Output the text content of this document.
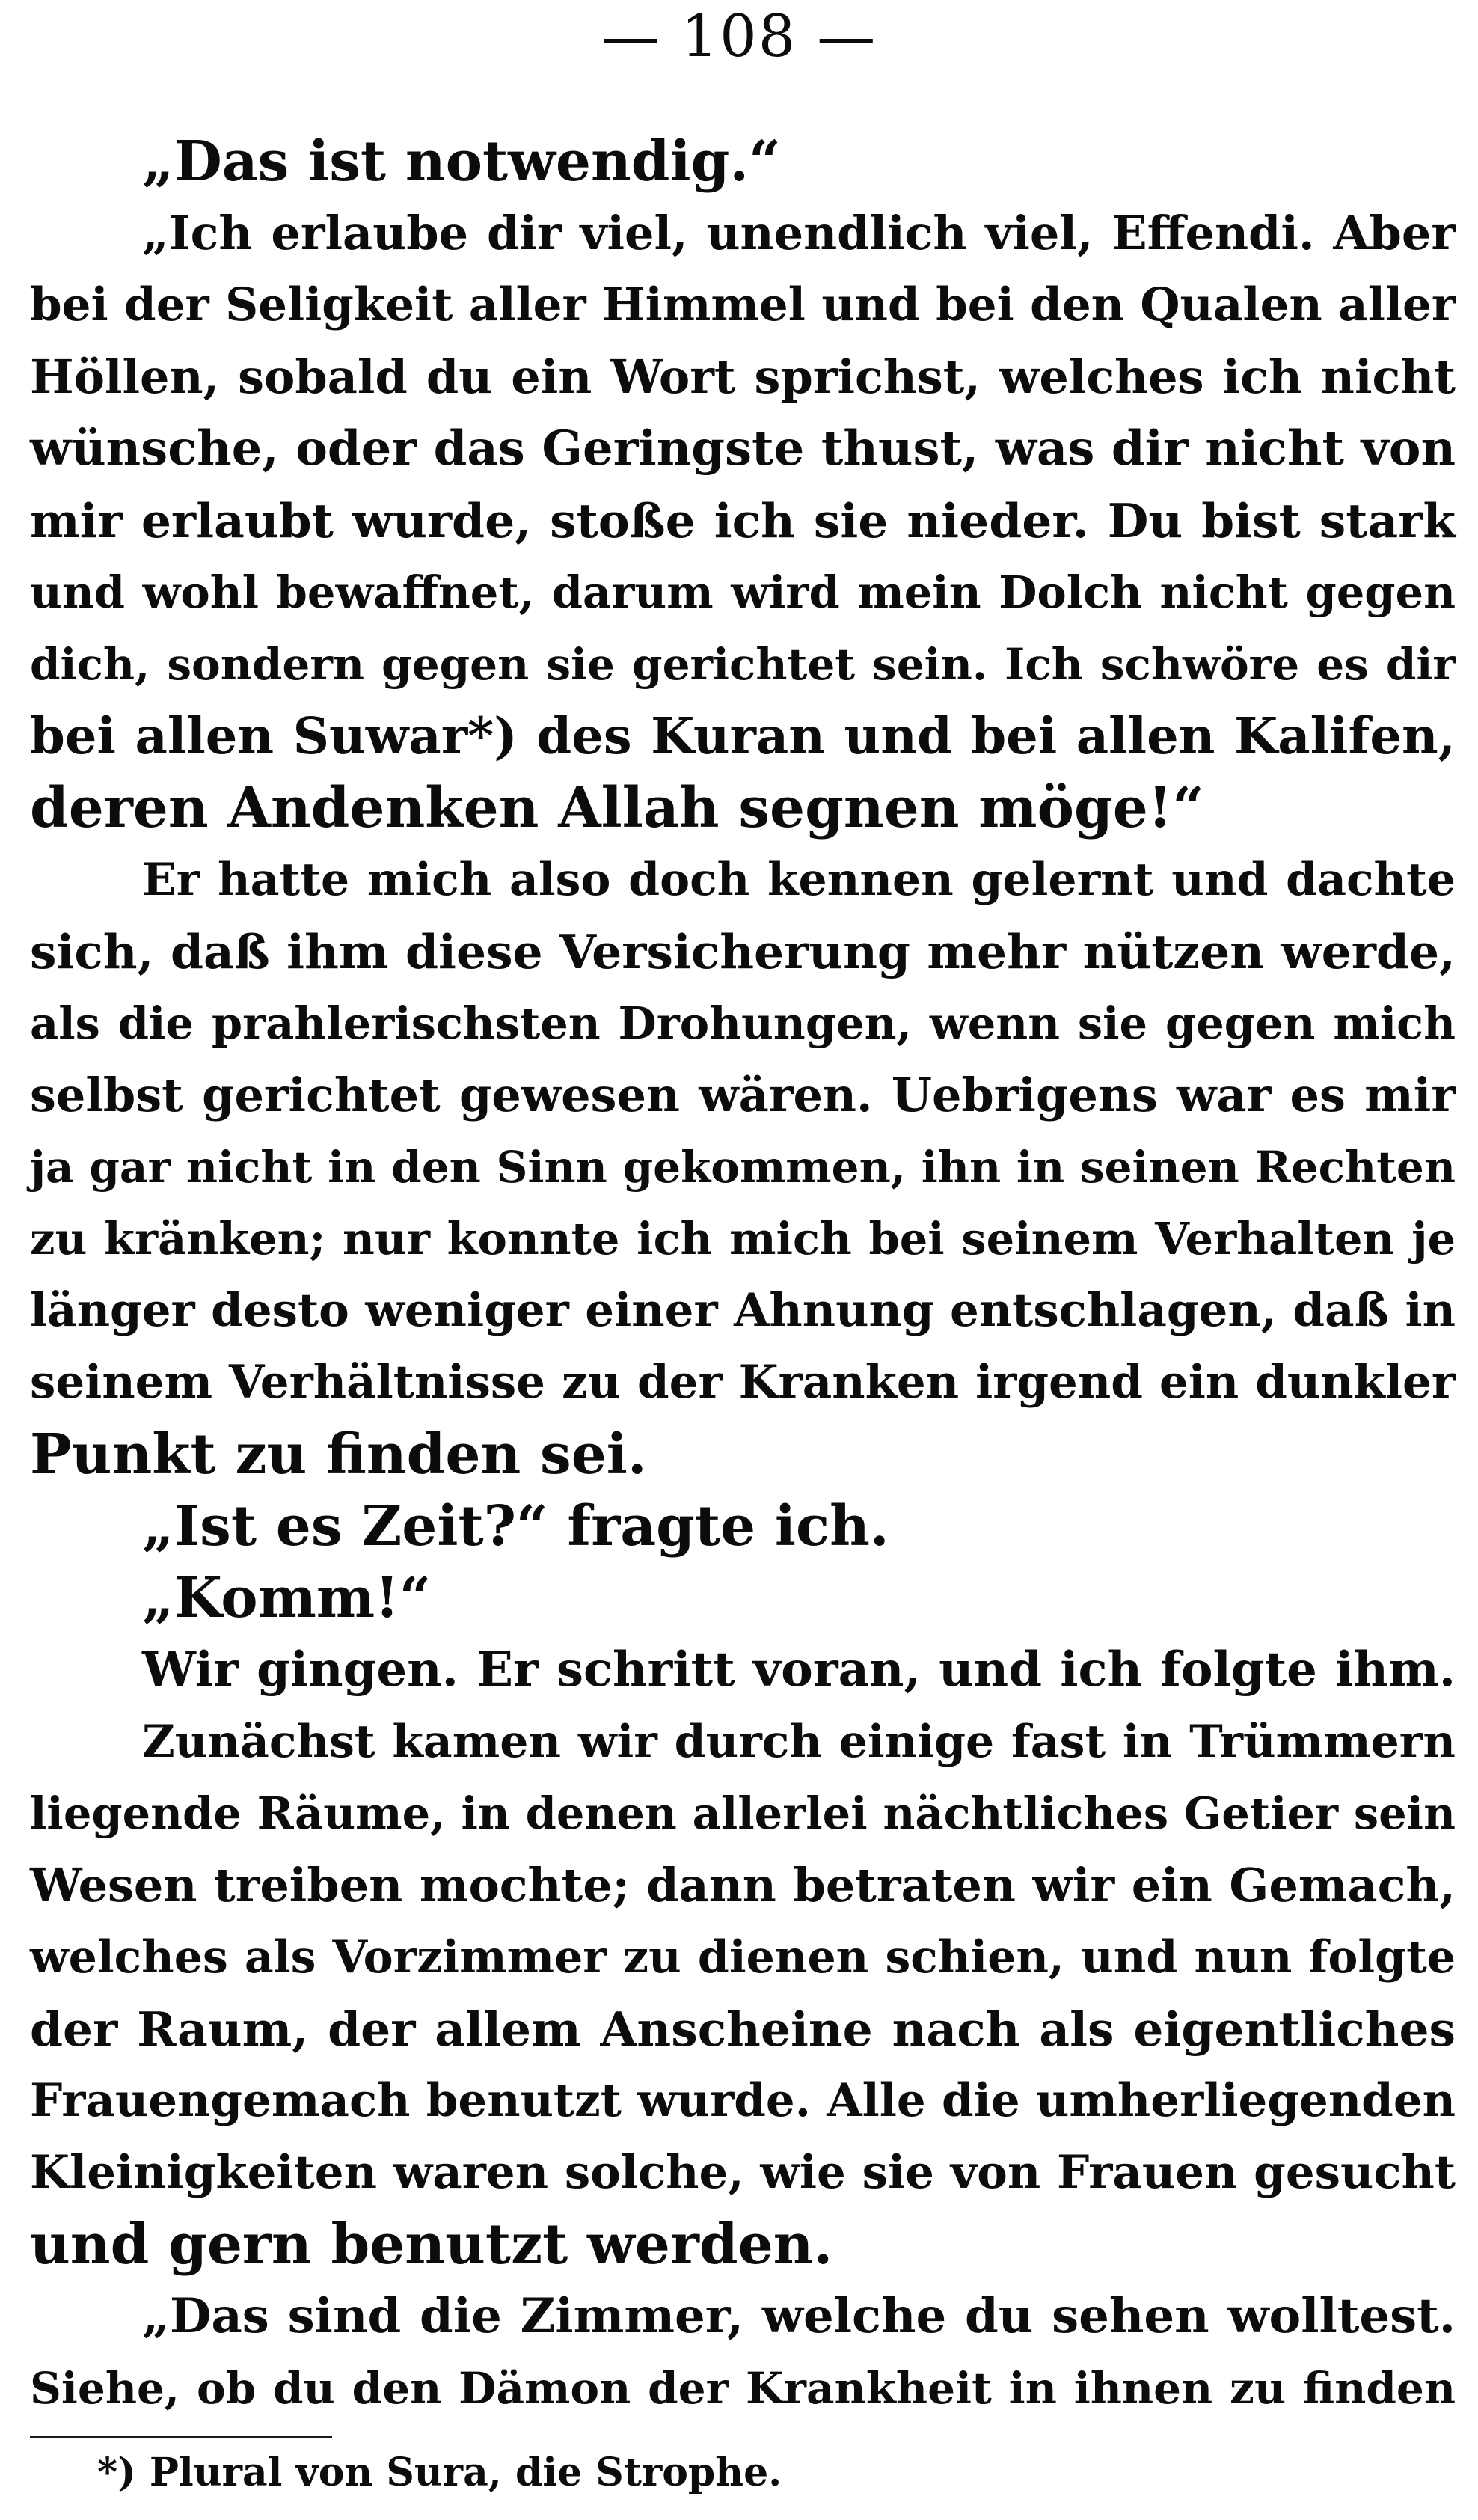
— 108 —
„Das ist notwendig.“
„Ich erlaube dir viel, unendlich viel, Effendi. Aber
bei der Seligkeit aller Himmel und bei den Qualen aller
Höllen, sobald du ein Wort sprichst, welches ich nicht
wünsche, oder das Geringste thust, was dir nicht von
mir erlaubt wurde, stoße ich sie nieder. Du bist stark
und wohl bewaffnet, darum wird mein Dolch nicht gegen
dich, sondern gegen sie gerichtet sein. Ich schwöre es dir
bei allen Suwar*) des Kuran und bei allen Kalifen,
deren Andenken Allah segnen möge!“
Er hatte mich also doch kennen gelernt und dachte
sich, daß ihm diese Versicherung mehr nützen werde,
als die prahlerischsten Drohungen, wenn sie gegen mich
selbst gerichtet gewesen wären. Uebrigens war es mir
ja gar nicht in den Sinn gekommen, ihn in seinen Rechten
zu kränken; nur konnte ich mich bei seinem Verhalten je
länger desto weniger einer Ahnung entschlagen, daß in
seinem Verhältnisse zu der Kranken irgend ein dunkler
Punkt zu finden sei.
„Ist es Zeit?“ fragte ich.
„Komm!“
Wir gingen. Er schritt voran, und ich folgte ihm.
Zunächst kamen wir durch einige fast in Trümmern
liegende Räume, in denen allerlei nächtliches Getier sein
Wesen treiben mochte; dann betraten wir ein Gemach,
welches als Vorzimmer zu dienen schien, und nun folgte
der Raum, der allem Anscheine nach als eigentliches
Frauengemach benutzt wurde. Alle die umherliegenden
Kleinigkeiten waren solche, wie sie von Frauen gesucht
und gern benutzt werden.
„Das sind die Zimmer, welche du sehen wolltest.
Siehe, ob du den Dämon der Krankheit in ihnen zu finden
*) Plural von Sura, die Strophe.
